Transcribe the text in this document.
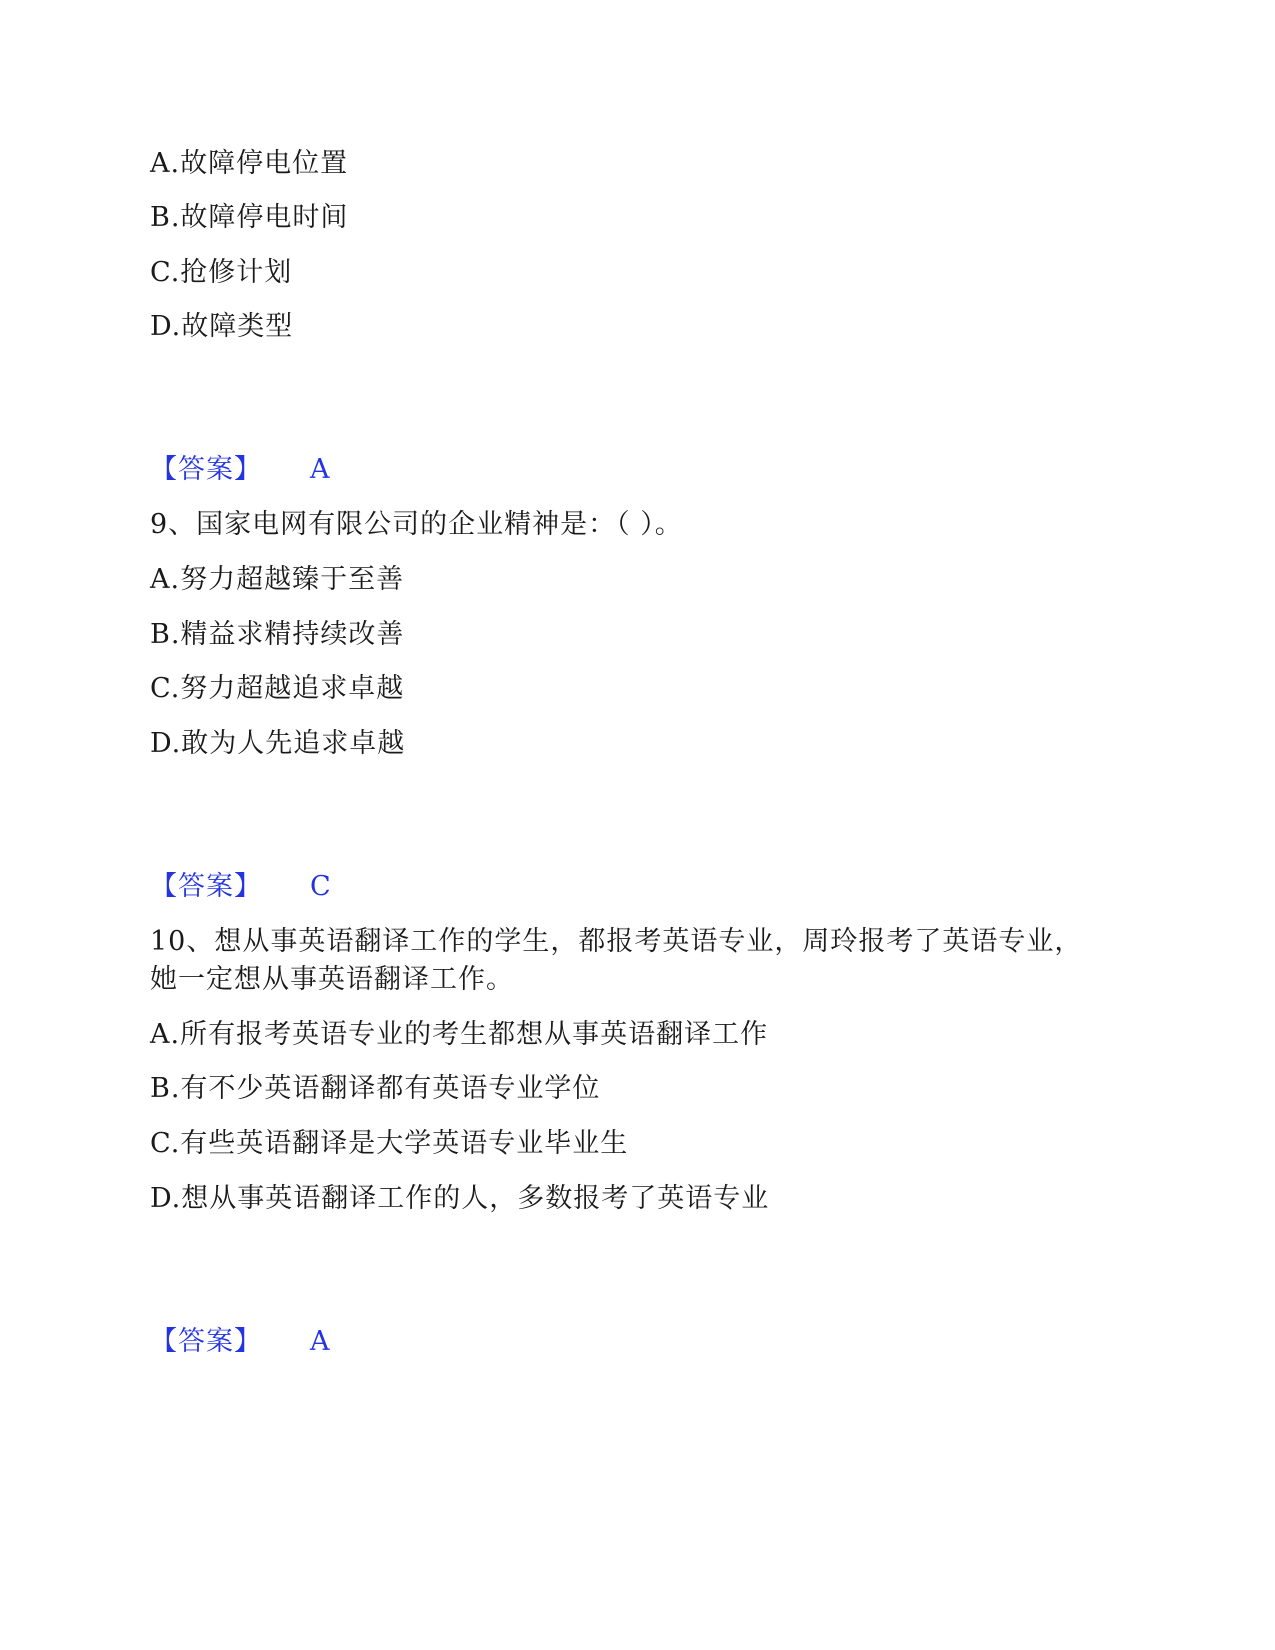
A.故障停电位置
B.故障停电时间
C.抢修计划
D.故障类型
【答案】 A
9、国家电网有限公司的企业精神是：（ ）。
A.努力超越臻于至善
B.精益求精持续改善
C.努力超越追求卓越
D.敢为人先追求卓越
【答案】 C
10、想从事英语翻译工作的学生，都报考英语专业，周玲报考了英语专业，
她一定想从事英语翻译工作。
A.所有报考英语专业的考生都想从事英语翻译工作
B.有不少英语翻译都有英语专业学位
C.有些英语翻译是大学英语专业毕业生
D.想从事英语翻译工作的人，多数报考了英语专业
【答案】 A
